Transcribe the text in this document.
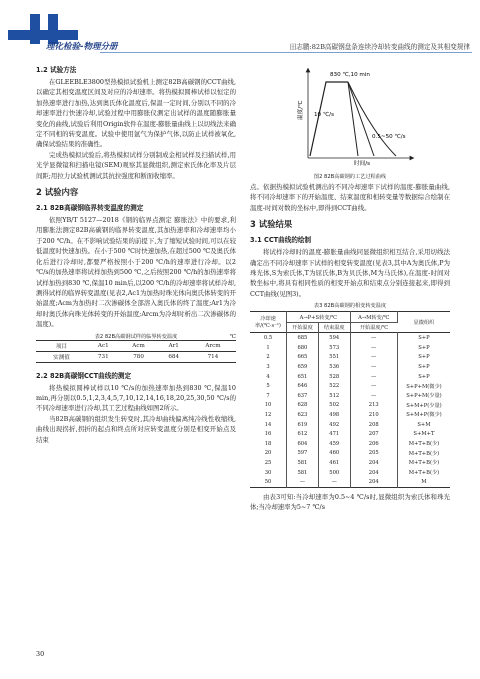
理化检验-物理分册	田志鹏:82B高碳钢盘条连续冷却转变曲线的测定及其相变规律
1.2 试验方法

在GLEEBLE3800型热模拟试验机上测定82B高碳钢的CCT曲线,以确定其相变温度区间及对应的冷却速率。将热模拟圆棒试样以恒定的加热速率进行加热,达到奥氏体化温度后,保温一定时间,分别以不同的冷却速率进行快速冷却,试验过程中用膨胀仪测定出试样的温度随膨胀量变化的曲线,试验后利用Origin软件在温度-膨胀量曲线上以切线法来确定不同相的转变温度。试验中使用氩气为保护气体,以防止试样被氧化,确保试验结果的准确性。

完成热模拟试验后,将热模拟试样分别制成金相试样及扫描试样,用光学显微镜和扫描电镜(SEM)观察其显微组织,测定索氏体化率及片层间距;用拉力试验机测试其抗拉强度和断面收缩率。

2 试验内容
2.1 82B高碳钢临界转变温度的测定

依照YB/T 5127—2018《钢的临界点测定 膨胀法》中的要求,利用膨胀法测定82B高碳钢的临界转变温度,其加热速率和冷却速率均小于200 ℃/h。在不影响试验结果的前提下,为了缩短试验时间,可以在较低温度时快速加热。在小于500 ℃时快速加热,在超过500 ℃及奥氏体化后进行冷却时,都要严格按照小于200 ℃/h的速率进行冷却。以2 ℃/s的加热速率将试样加热到500 ℃,之后按照200 ℃/h的加热速率将试样加热到830 ℃,保温10 min后,以200 ℃/h的冷却速率将试样冷却,测得试样的临界转变温度(见表2,Ac1为加热时珠光体向奥氏体转变的开始温度;Acm为加热时二次渗碳体全部溶入奥氏体的终了温度;Ar1为冷却时奥氏体向珠光体转变的开始温度;Arcm为冷却时析出二次渗碳体的温度)。

表2 82B高碳钢试样的临界转变温度	℃
项目	Ac1	Acm	Ar1	Arcm
实测值	731	780	684	714
2.2 82B高碳钢CCT曲线的测定

将热模拟圆棒试样以10 ℃/s的加热速率加热到830 ℃,保温10 min,再分别以0.5,1,2,3,4,5,7,10,12,14,16,18,20,25,30,50 ℃/s的不同冷却速率进行冷却,其工艺过程曲线如图2所示。

当82B高碳钢的组织发生转变时,其冷却曲线偏离纯冷线性收缩线,曲线出现拐折,拐折的起点和终点所对应转变温度分别是相变开始点及结束

30
830 ℃,10 min
10 ℃/s
0.5~50 ℃/s
温度/℃
时间/s
图2 82B高碳钢的工艺过程曲线

点。依据热模拟试验机测出的不同冷却速率下试样的温度-膨胀量曲线,将不同冷却速率下的开始温度、结束温度和相转变量等数据综合绘制在温度-时间对数的坐标中,即得到CCT曲线。

3 试验结果
3.1 CCT曲线的绘制

将试样冷却时的温度-膨胀量曲线同显微组织相互结合,采用切线法确定出不同冷却速率下试样的相变转变温度(见表3,其中A为奥氏体,P为珠光体,S为索氏体,T为屈氏体,B为贝氏体,M为马氏体),在温度-时间对数坐标中,将具有相同性质的相变开始点和结束点分别连接起来,即得到CCT曲线(见图3)。

表3 82B高碳钢的相变转变温度
冷却速率/(℃·s⁻¹)	A→P+S转变/℃		A→M转变/℃	显微组织
	开始温度	结束温度	开始温度/℃	
0.5	685	594	—	S+P
1	680	573	—	S+P
2	665	551	—	S+P
3	659	536	—	S+P
4	651	528	—	S+P
5	646	522	—	S+P+M(微少)
7	637	512	—	S+P+M(少量)
10	628	502	213	S+M+P(少量)
12	623	498	210	S+M+P(微少)
14	619	492	208	S+M
16	612	471	207	S+M+T
18	604	459	206	M+T+B(少)
20	597	460	205	M+T+B(少)
25	581	461	204	M+T+B(少)
30	581	500	204	M+T+B(少)
50	—	—	204	M

由表3可知:当冷却速率为0.5~4 ℃/s时,显微组织为索氏体和珠光体;当冷却速率为5~7 ℃/s
